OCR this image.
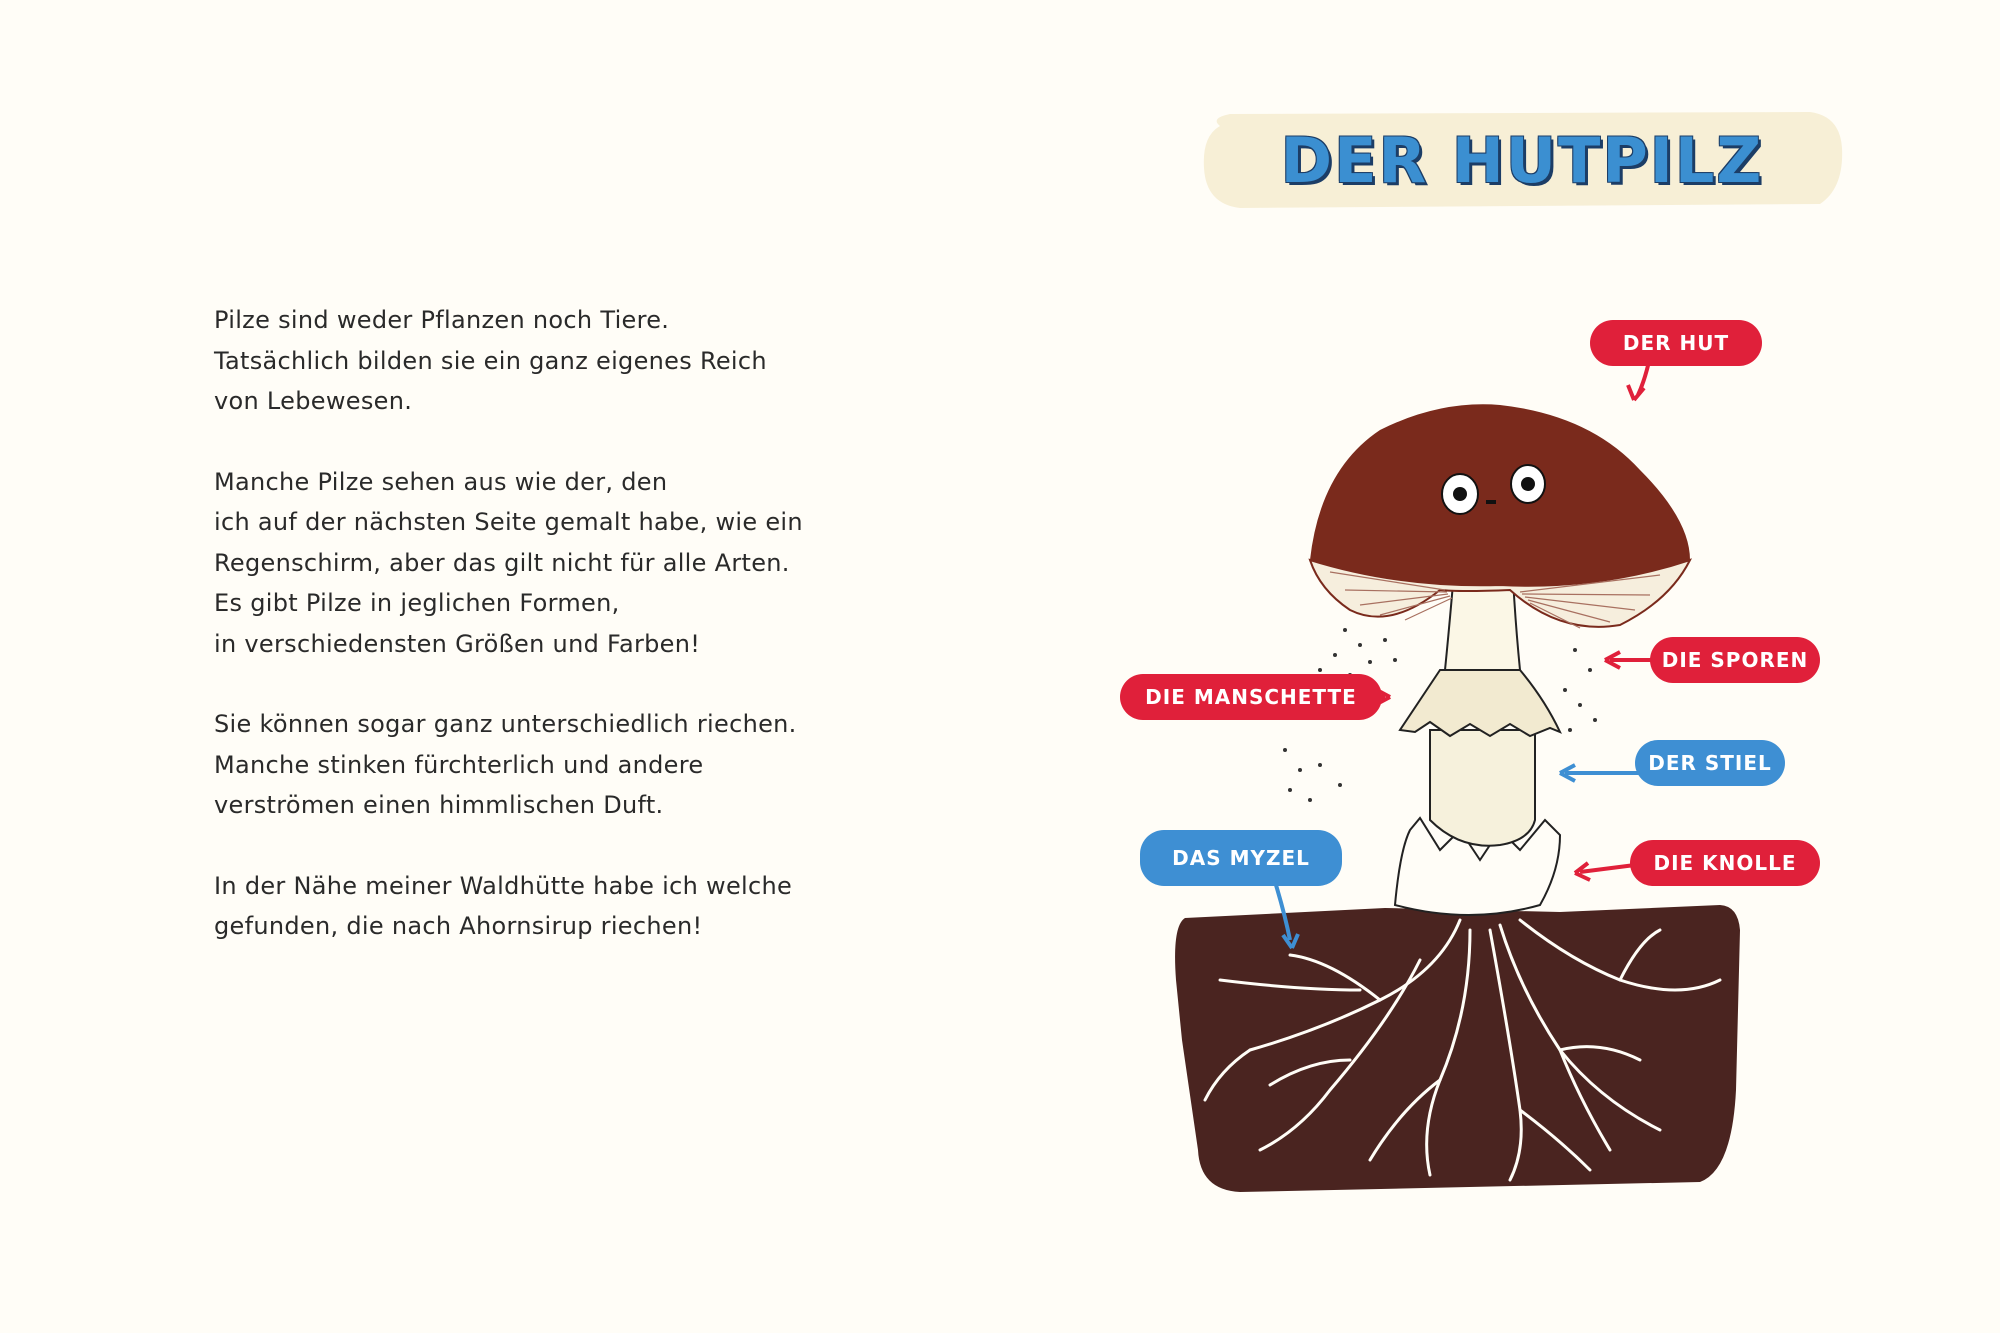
Pilze sind weder Pflanzen noch Tiere.
Tatsächlich bilden sie ein ganz eigenes Reich
von Lebewesen.

Manche Pilze sehen aus wie der, den
ich auf der nächsten Seite gemalt habe, wie ein
Regenschirm, aber das gilt nicht für alle Arten.
Es gibt Pilze in jeglichen Formen,
in verschiedensten Größen und Farben!

Sie können sogar ganz unterschiedlich riechen.
Manche stinken fürchterlich und andere
verströmen einen himmlischen Duft.

In der Nähe meiner Waldhütte habe ich welche
gefunden, die nach Ahornsirup riechen!

DER HUTPILZ
DER HUT
DIE SPOREN
DIE MANSCHETTE
DER STIEL
DIE KNOLLE
DAS MYZEL
